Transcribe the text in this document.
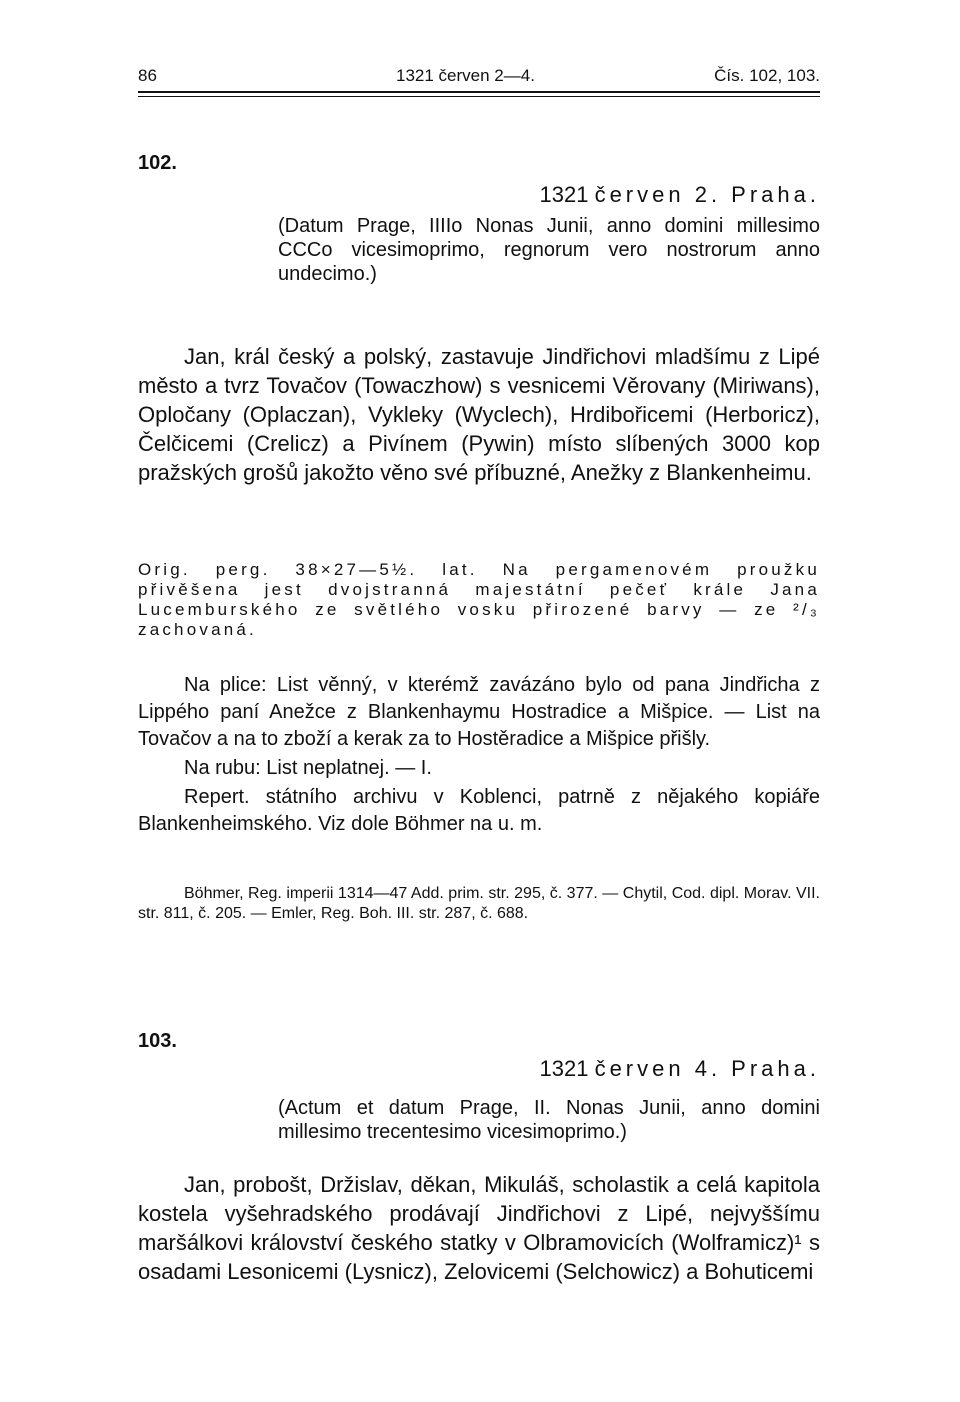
86	1321 červen 2—4.	Čís. 102, 103.
102.
1321 červen 2. Praha.
(Datum Prage, IIIIo Nonas Junii, anno domini millesimo CCCo vicesimoprimo, regnorum vero nostrorum anno undecimo.)

Jan, král český a polský, zastavuje Jindřichovi mladšímu z Lipé město a tvrz Tovačov (Towaczhow) s vesnicemi Věrovany (Miriwans), Opločany (Oplaczan), Vykleky (Wyclech), Hrdibořicemi (Herboricz), Čelčicemi (Crelicz) a Pivínem (Pywin) místo slíbených 3000 kop pražských grošů jakožto věno své příbuzné, Anežky z Blankenheimu.

Orig. perg. 38×27—5½. lat. Na pergamenovém proužku přivěšena jest dvojstranná majestátní pečeť krále Jana Lucemburského ze světlého vosku přirozené barvy — ze ²/₃ zachovaná.

Na plice: List věnný, v kterémž zavázáno bylo od pana Jindřicha z Lippého paní Anežce z Blankenhaymu Hostradice a Mišpice. — List na Tovačov a na to zboží a kerak za to Hostěradice a Mišpice přišly.

Na rubu: List neplatnej. — I.

Repert. státního archivu v Koblenci, patrně z nějakého kopiáře Blankenheimského. Viz dole Böhmer na u. m.

Böhmer, Reg. imperii 1314—47 Add. prim. str. 295, č. 377. — Chytil, Cod. dipl. Morav. VII. str. 811, č. 205. — Emler, Reg. Boh. III. str. 287, č. 688.

103.
1321 červen 4. Praha.
(Actum et datum Prage, II. Nonas Junii, anno domini millesimo trecentesimo vicesimoprimo.)

Jan, probošt, Držislav, děkan, Mikuláš, scholastik a celá kapitola kostela vyšehradského prodávají Jindřichovi z Lipé, nejvyššímu maršálkovi království českého statky v Olbramovicích (Wolframicz)¹ s osadami Lesonicemi (Lysnicz), Zelovicemi (Selchowicz) a Bohuticemi
